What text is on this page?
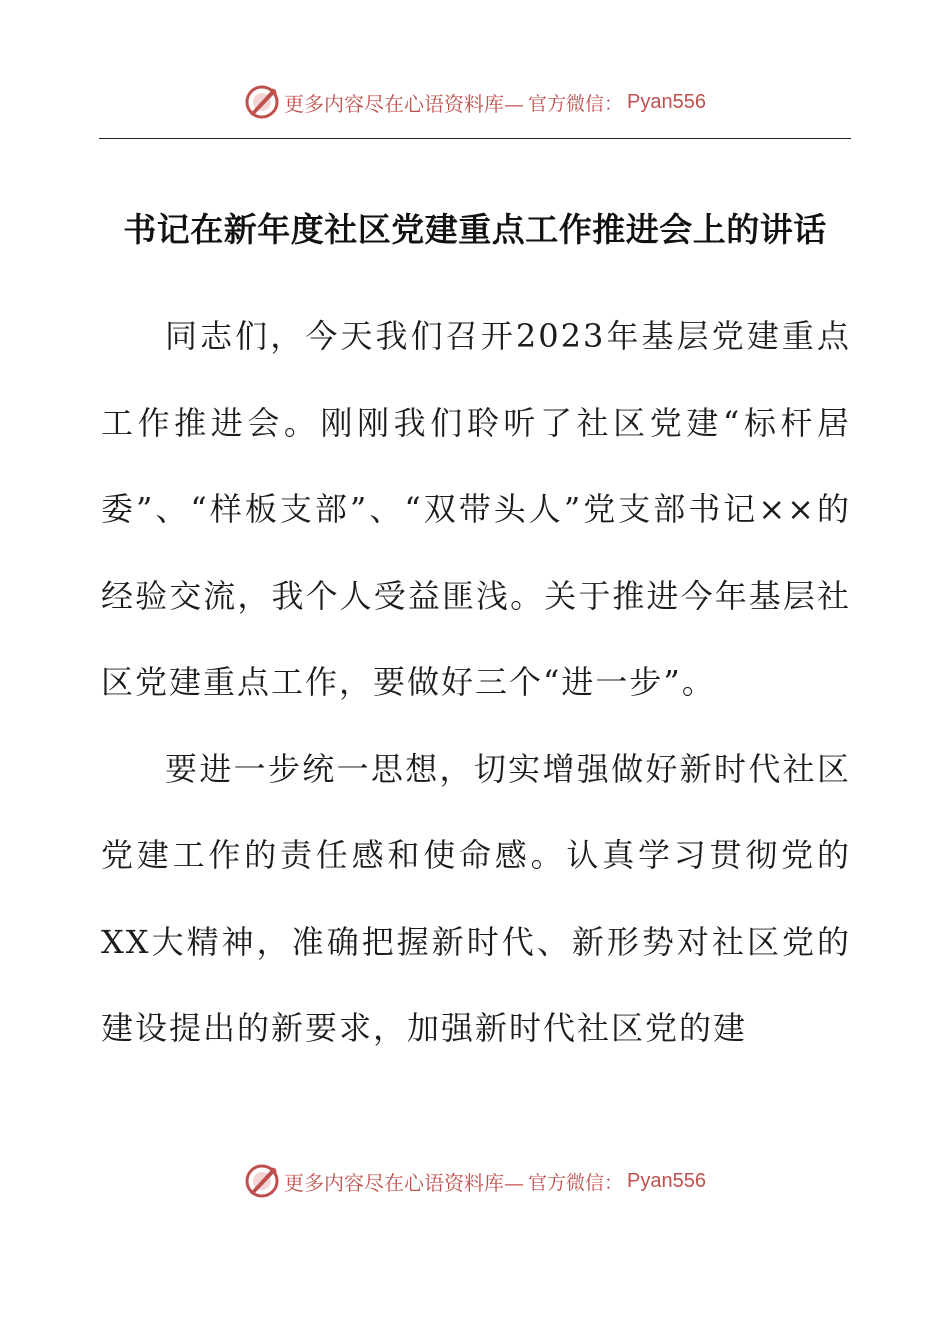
更多内容尽在心语资料库— 官方微信： Pyan556
书记在新年度社区党建重点工作推进会上的讲话

同志们，今天我们召开2023年基层党建重点工作推进会。刚刚我们聆听了社区党建“标杆居委”、“样板支部”、“双带头人”党支部书记××的经验交流，我个人受益匪浅。关于推进今年基层社区党建重点工作，要做好三个“进一步”。

要进一步统一思想，切实增强做好新时代社区党建工作的责任感和使命感。认真学习贯彻党的XX大精神，准确把握新时代、新形势对社区党的建设提出的新要求，加强新时代社区党的建

更多内容尽在心语资料库— 官方微信： Pyan556
